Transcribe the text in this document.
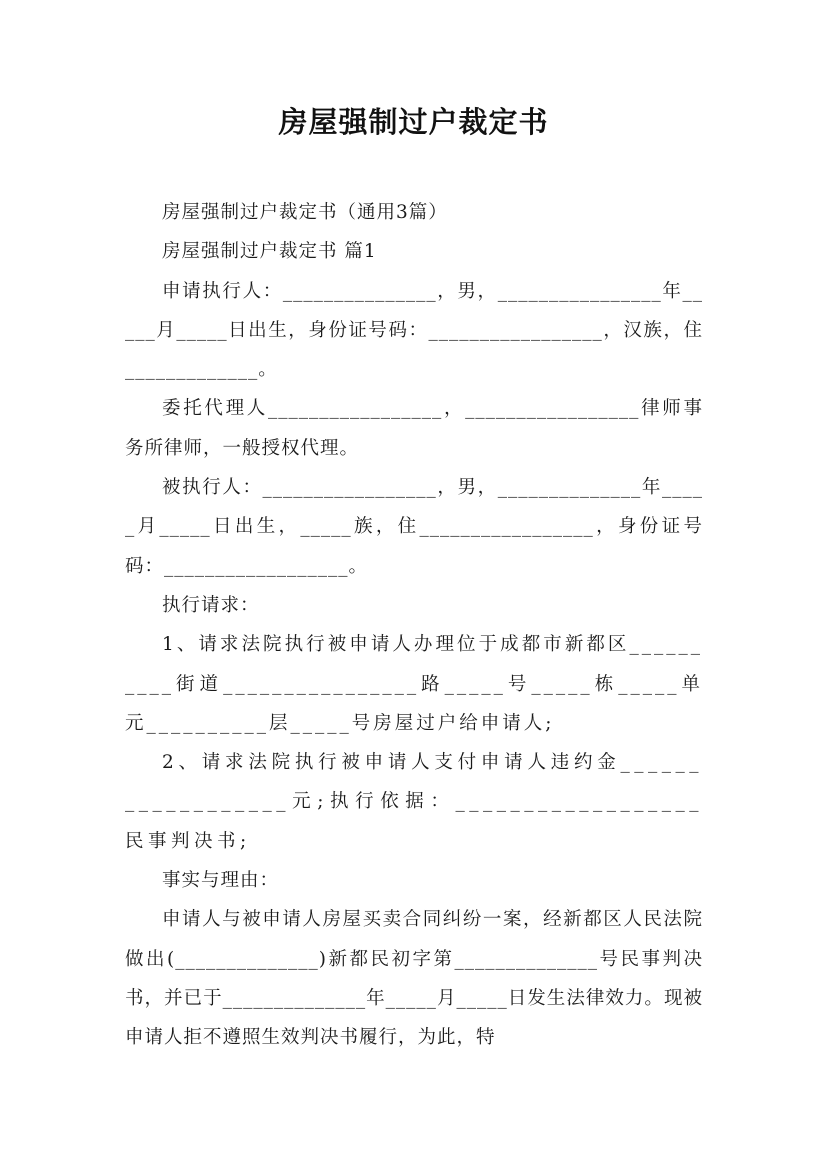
房屋强制过户裁定书

房屋强制过户裁定书（通用3篇）

房屋强制过户裁定书 篇1

申请执行人：_______________，男，________________年_____月_____日出生，身份证号码：_________________，汉族，住_____________。

委托代理人_________________，_________________律师事务所律师，一般授权代理。

被执行人：_________________，男，______________年_____月_____日出生，_____族，住_________________，身份证号码：__________________。

执行请求：

1、请求法院执行被申请人办理位于成都市新都区__________街道________________路_____号_____栋_____单元__________层_____号房屋过户给申请人;

2、请求法院执行被申请人支付申请人违约金__________________元;执行依据：__________________民事判决书;

事实与理由：

申请人与被申请人房屋买卖合同纠纷一案，经新都区人民法院做出(______________)新都民初字第______________号民事判决书，并已于______________年_____月_____日发生法律效力。现被申请人拒不遵照生效判决书履行，为此，特
